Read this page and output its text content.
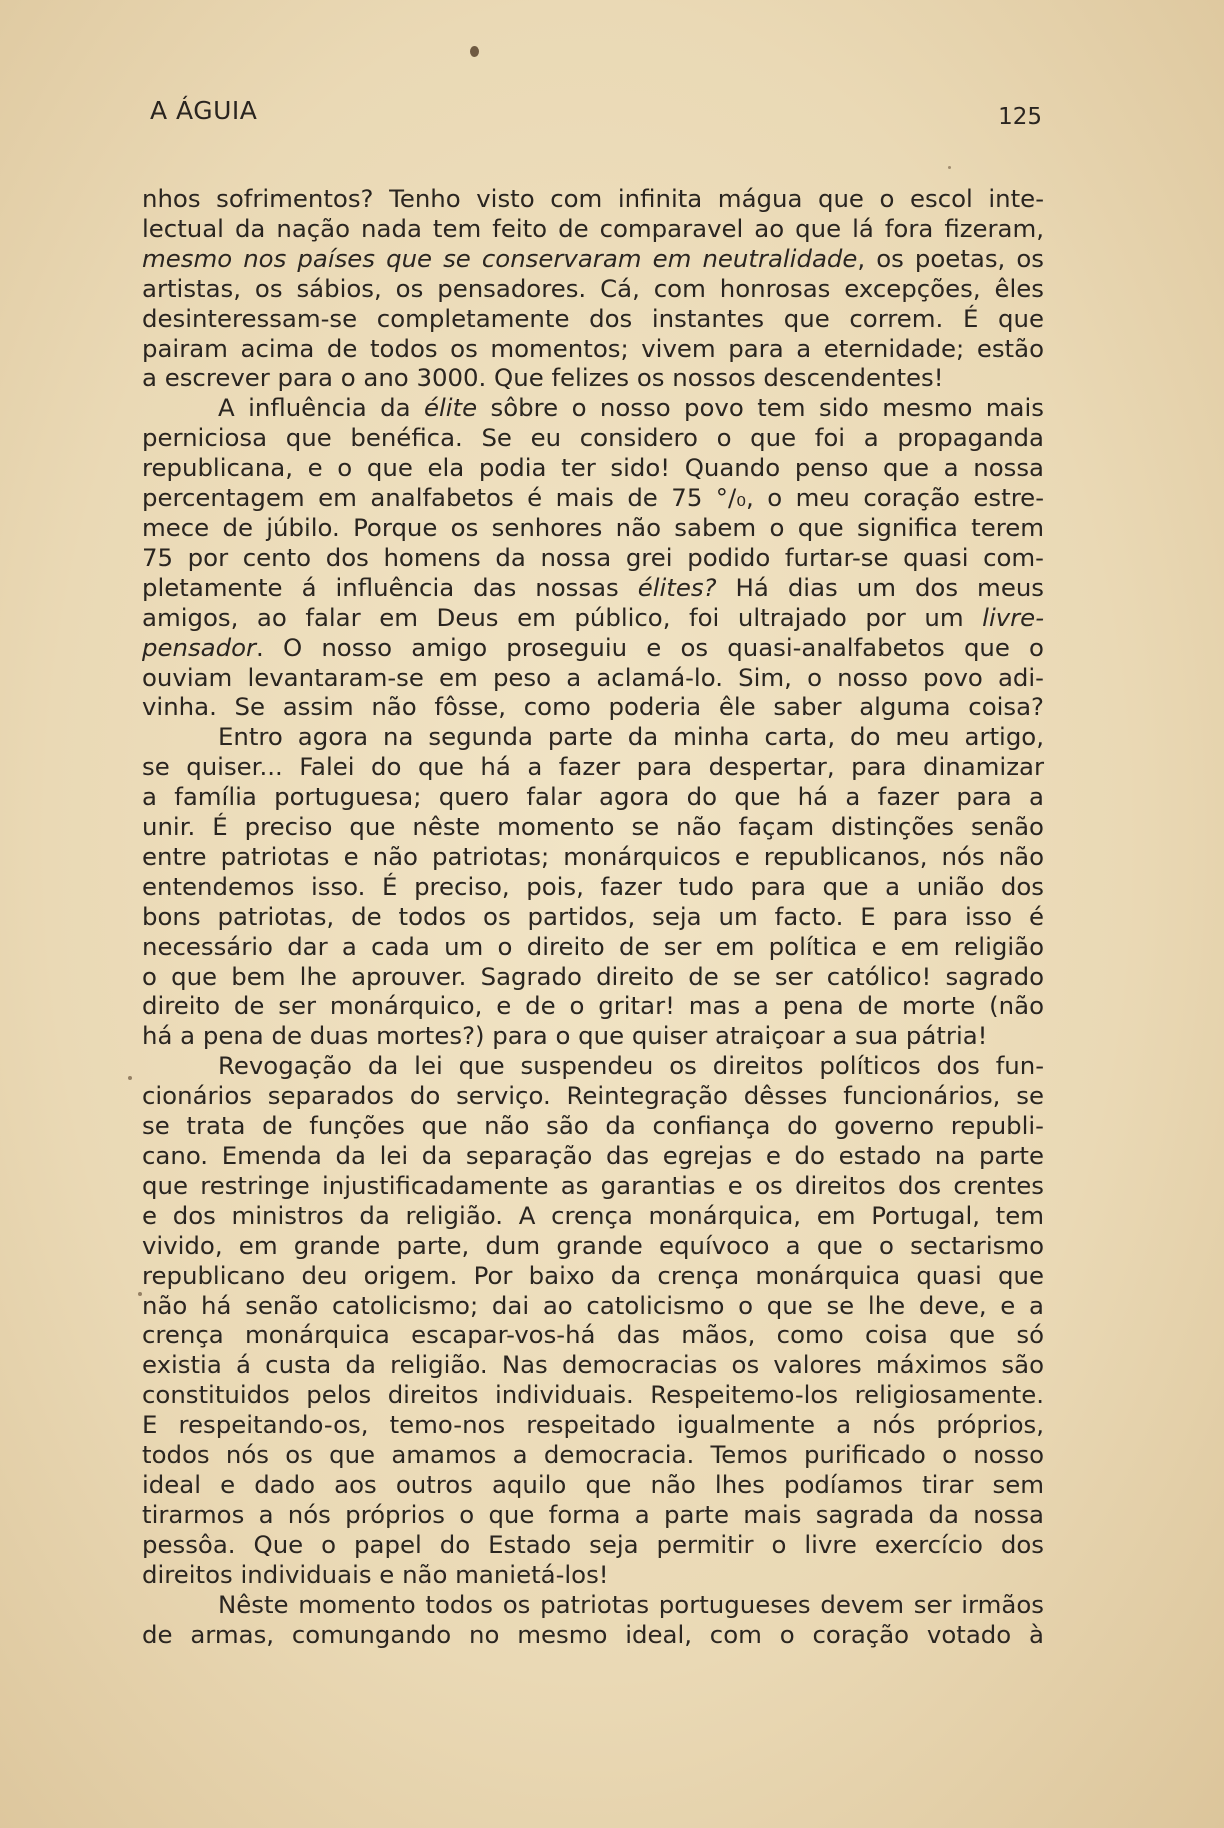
A ÁGUIA	125
nhos sofrimentos? Tenho visto com infinita mágua que o escol inte-
lectual da nação nada tem feito de comparavel ao que lá fora fizeram,
mesmo nos países que se conservaram em neutralidade, os poetas, os
artistas, os sábios, os pensadores. Cá, com honrosas excepções, êles
desinteressam-se completamente dos instantes que correm. É que
pairam acima de todos os momentos; vivem para a eternidade; estão
a escrever para o ano 3000. Que felizes os nossos descendentes!
A influência da élite sôbre o nosso povo tem sido mesmo mais
perniciosa que benéfica. Se eu considero o que foi a propaganda
republicana, e o que ela podia ter sido! Quando penso que a nossa
percentagem em analfabetos é mais de 75 °/₀, o meu coração estre-
mece de júbilo. Porque os senhores não sabem o que significa terem
75 por cento dos homens da nossa grei podido furtar-se quasi com-
pletamente á influência das nossas élites? Há dias um dos meus
amigos, ao falar em Deus em público, foi ultrajado por um livre-
pensador. O nosso amigo proseguiu e os quasi-analfabetos que o
ouviam levantaram-se em peso a aclamá-lo. Sim, o nosso povo adi-
vinha. Se assim não fôsse, como poderia êle saber alguma coisa?
Entro agora na segunda parte da minha carta, do meu artigo,
se quiser... Falei do que há a fazer para despertar, para dinamizar
a família portuguesa; quero falar agora do que há a fazer para a
unir. É preciso que nêste momento se não façam distinções senão
entre patriotas e não patriotas; monárquicos e republicanos, nós não
entendemos isso. É preciso, pois, fazer tudo para que a união dos
bons patriotas, de todos os partidos, seja um facto. E para isso é
necessário dar a cada um o direito de ser em política e em religião
o que bem lhe aprouver. Sagrado direito de se ser católico! sagrado
direito de ser monárquico, e de o gritar! mas a pena de morte (não
há a pena de duas mortes?) para o que quiser atraiçoar a sua pátria!
Revogação da lei que suspendeu os direitos políticos dos fun-
cionários separados do serviço. Reintegração dêsses funcionários, se
se trata de funções que não são da confiança do governo republi-
cano. Emenda da lei da separação das egrejas e do estado na parte
que restringe injustificadamente as garantias e os direitos dos crentes
e dos ministros da religião. A crença monárquica, em Portugal, tem
vivido, em grande parte, dum grande equívoco a que o sectarismo
republicano deu origem. Por baixo da crença monárquica quasi que
não há senão catolicismo; dai ao catolicismo o que se lhe deve, e a
crença monárquica escapar-vos-há das mãos, como coisa que só
existia á custa da religião. Nas democracias os valores máximos são
constituidos pelos direitos individuais. Respeitemo-los religiosamente.
E respeitando-os, temo-nos respeitado igualmente a nós próprios,
todos nós os que amamos a democracia. Temos purificado o nosso
ideal e dado aos outros aquilo que não lhes podíamos tirar sem
tirarmos a nós próprios o que forma a parte mais sagrada da nossa
pessôa. Que o papel do Estado seja permitir o livre exercício dos
direitos individuais e não manietá-los!
Nêste momento todos os patriotas portugueses devem ser irmãos
de armas, comungando no mesmo ideal, com o coração votado à
